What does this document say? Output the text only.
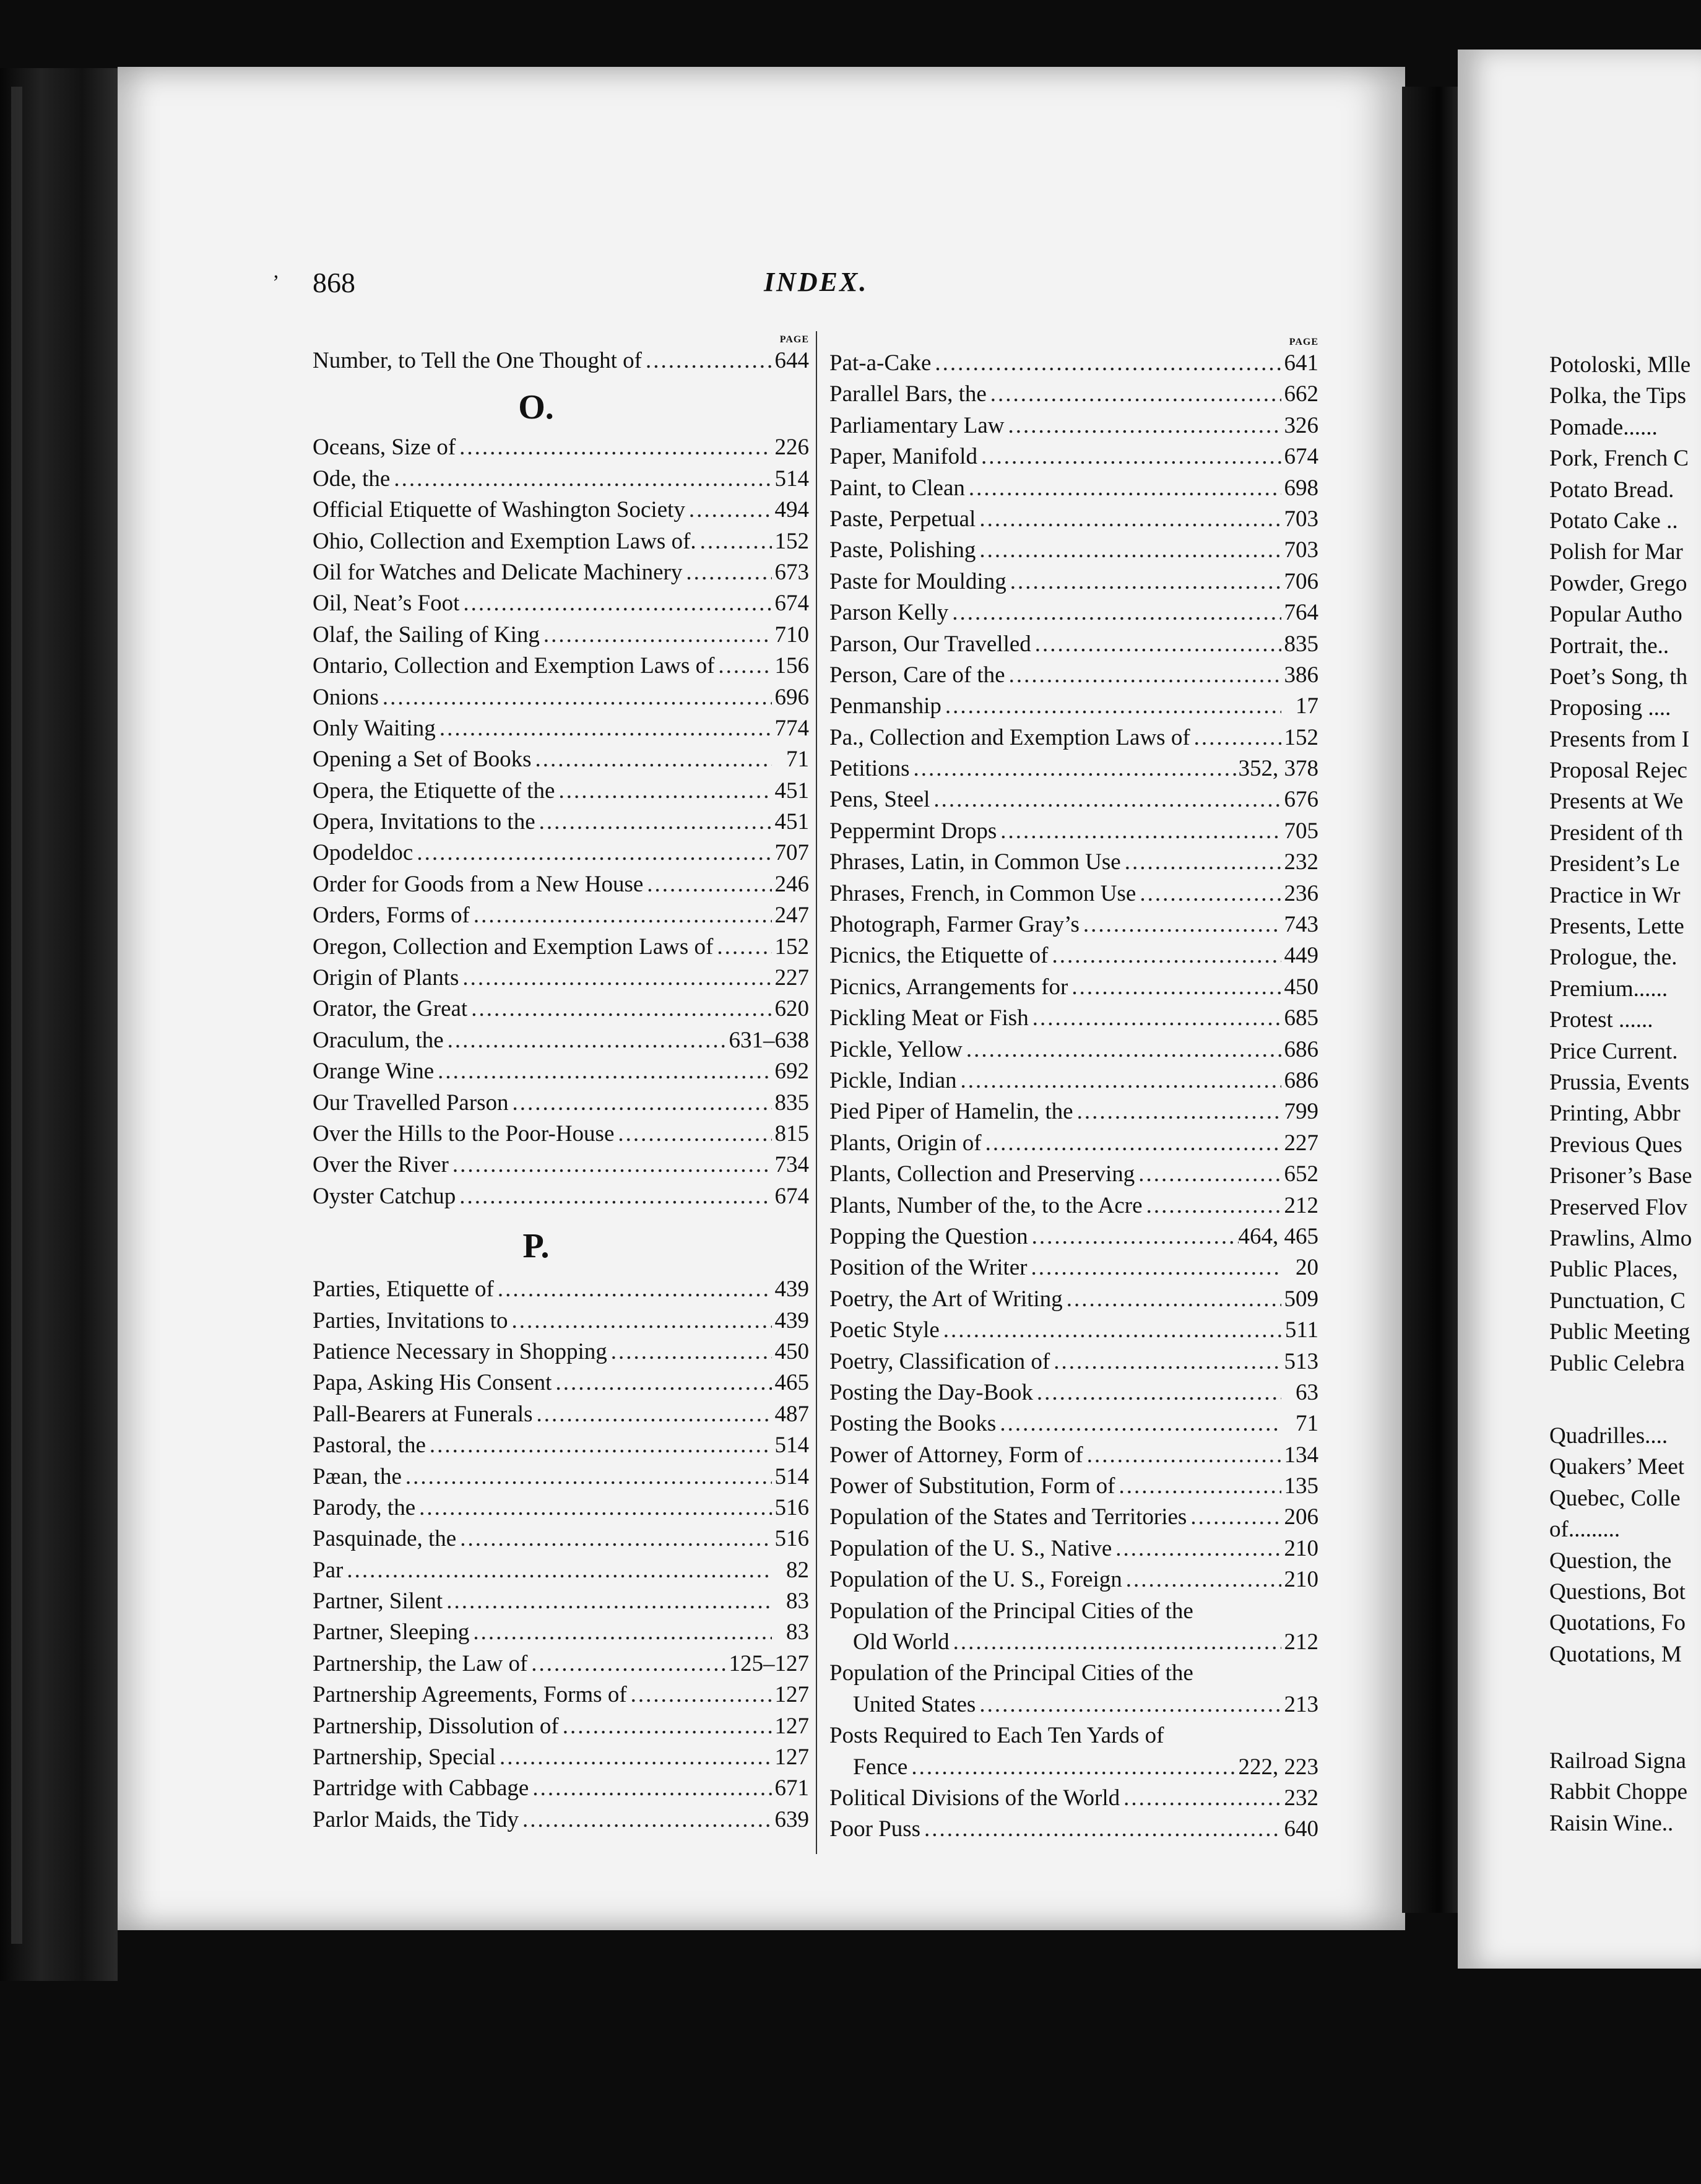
Potoloski, Mlle
Polka, the Tips
Pomade......
Pork, French C
Potato Bread.
Potato Cake ..
Polish for Mar
Powder, Grego
Popular Autho
Portrait, the..
Poet’s Song, th
Proposing ....
Presents from I
Proposal Rejec
Presents at We
President of th
President’s Le
Practice in Wr
Presents, Lette
Prologue, the.
Premium......
Protest ......
Price Current.
Prussia, Events
Printing, Abbr
Previous Ques
Prisoner’s Base
Preserved Flov
Prawlins, Almo
Public Places,
Punctuation, C
Public Meeting
Public Celebra
Quadrilles....
Quakers’ Meet
Quebec, Colle
of.........
Question, the
Questions, Bot
Quotations, Fo
Quotations, M
Railroad Signa
Rabbit Choppe
Raisin Wine..
’ 868	INDEX.
PAGE
Number, to Tell the One Thought of .....	644
O.
Oceans, Size of .....	226
Ode, the .....	514
Official Etiquette of Washington Society .....	494
Ohio, Collection and Exemption Laws of. .....	152
Oil for Watches and Delicate Machinery .....	673
Oil, Neat’s Foot .....	674
Olaf, the Sailing of King .....	710
Ontario, Collection and Exemption Laws of .....	156
Onions .....	696
Only Waiting .....	774
Opening a Set of Books .....	71
Opera, the Etiquette of the .....	451
Opera, Invitations to the .....	451
Opodeldoc .....	707
Order for Goods from a New House .....	246
Orders, Forms of .....	247
Oregon, Collection and Exemption Laws of .....	152
Origin of Plants .....	227
Orator, the Great .....	620
Oraculum, the .....	631–638
Orange Wine .....	692
Our Travelled Parson .....	835
Over the Hills to the Poor-House .....	815
Over the River .....	734
Oyster Catchup .....	674
P.
Parties, Etiquette of .....	439
Parties, Invitations to .....	439
Patience Necessary in Shopping .....	450
Papa, Asking His Consent .....	465
Pall-Bearers at Funerals .....	487
Pastoral, the .....	514
Pæan, the .....	514
Parody, the .....	516
Pasquinade, the .....	516
Par .....	82
Partner, Silent .....	83
Partner, Sleeping .....	83
Partnership, the Law of .....	125–127
Partnership Agreements, Forms of .....	127
Partnership, Dissolution of .....	127
Partnership, Special .....	127
Partridge with Cabbage .....	671
Parlor Maids, the Tidy .....	639
PAGE
Pat-a-Cake .....	641
Parallel Bars, the .....	662
Parliamentary Law .....	326
Paper, Manifold .....	674
Paint, to Clean .....	698
Paste, Perpetual .....	703
Paste, Polishing .....	703
Paste for Moulding .....	706
Parson Kelly .....	764
Parson, Our Travelled .....	835
Person, Care of the .....	386
Penmanship .....	17
Pa., Collection and Exemption Laws of .....	152
Petitions .....	352, 378
Pens, Steel .....	676
Peppermint Drops .....	705
Phrases, Latin, in Common Use .....	232
Phrases, French, in Common Use .....	236
Photograph, Farmer Gray’s .....	743
Picnics, the Etiquette of .....	449
Picnics, Arrangements for .....	450
Pickling Meat or Fish .....	685
Pickle, Yellow .....	686
Pickle, Indian .....	686
Pied Piper of Hamelin, the .....	799
Plants, Origin of .....	227
Plants, Collection and Preserving .....	652
Plants, Number of the, to the Acre .....	212
Popping the Question .....	464, 465
Position of the Writer .....	20
Poetry, the Art of Writing .....	509
Poetic Style .....	511
Poetry, Classification of .....	513
Posting the Day-Book .....	63
Posting the Books .....	71
Power of Attorney, Form of .....	134
Power of Substitution, Form of .....	135
Population of the States and Territories .....	206
Population of the U. S., Native .....	210
Population of the U. S., Foreign .....	210
Population of the Principal Cities of the
Old World .....	212
Population of the Principal Cities of the
United States .....	213
Posts Required to Each Ten Yards of
Fence .....	222, 223
Political Divisions of the World .....	232
Poor Puss .....	640
